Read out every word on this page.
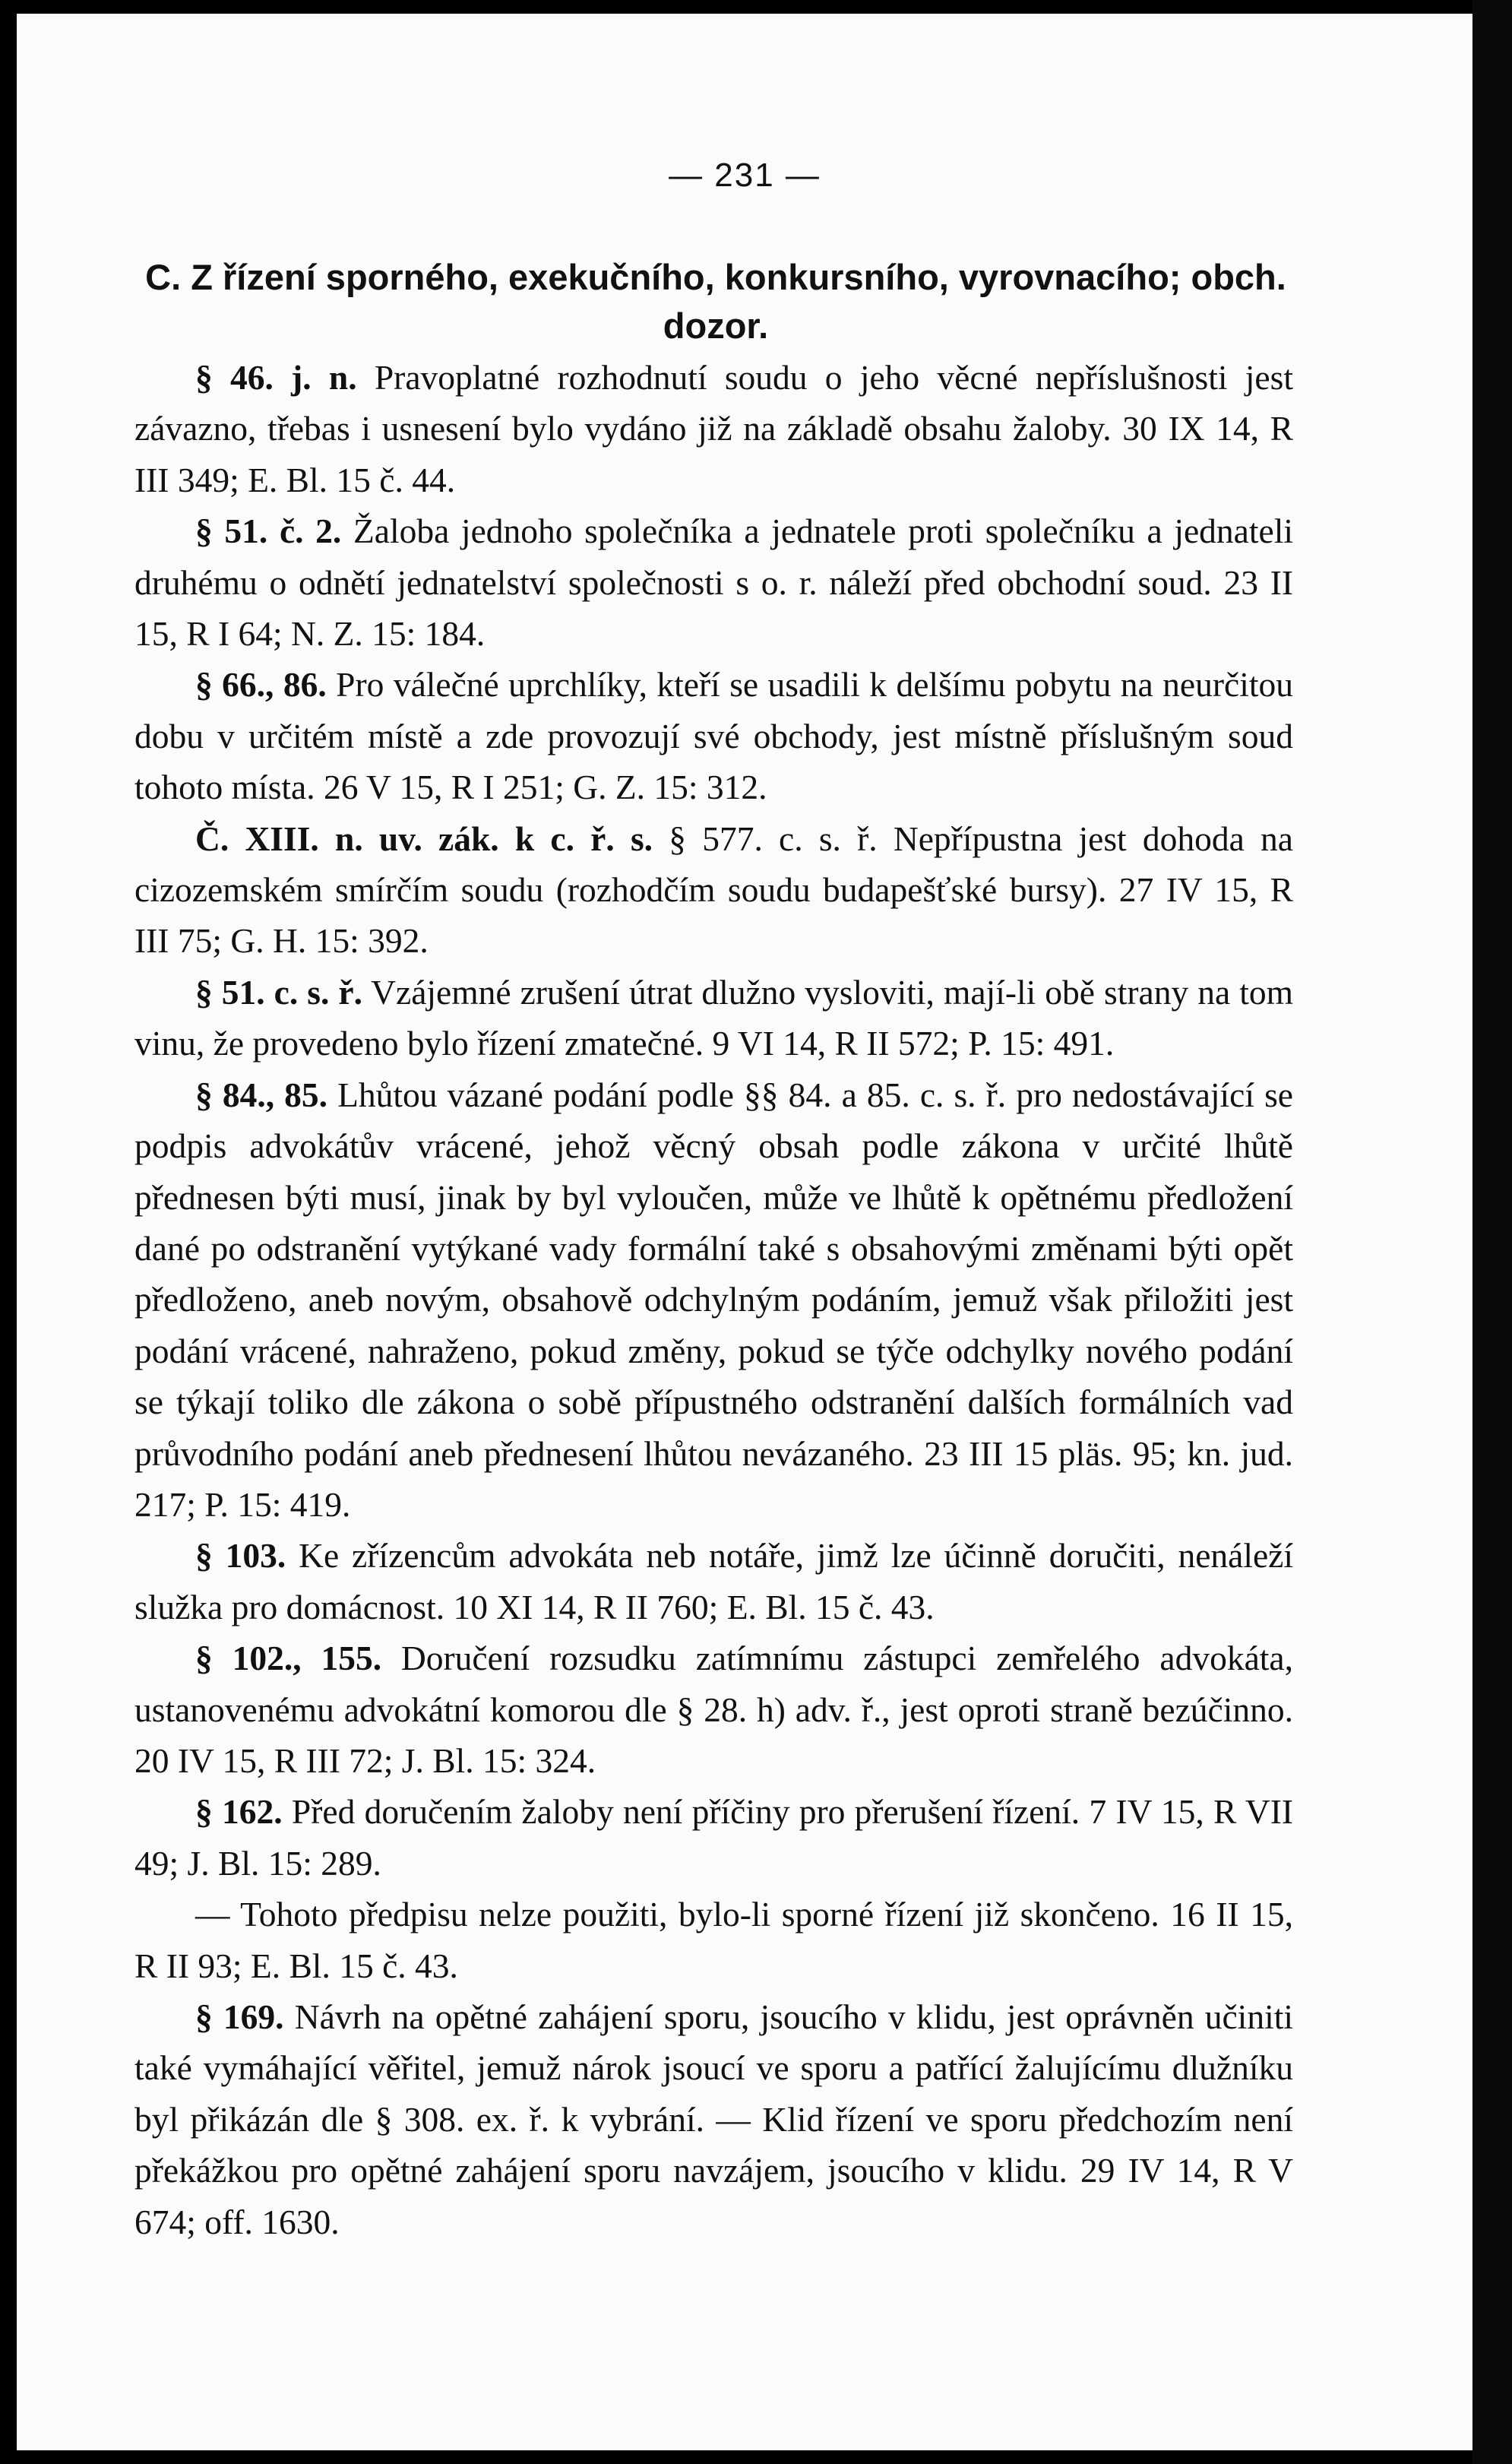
— 231 —
C. Z řízení sporného, exekučního, konkursního, vyrovnacího; obch. dozor.

§ 46. j. n. Pravoplatné rozhodnutí soudu o jeho věcné nepříslušnosti jest závazno, třebas i usnesení bylo vydáno již na základě obsahu žaloby. 30 IX 14, R III 349; E. Bl. 15 č. 44.

§ 51. č. 2. Žaloba jednoho společníka a jednatele proti společníku a jednateli druhému o odnětí jednatelství společnosti s o. r. náleží před obchodní soud. 23 II 15, R I 64; N. Z. 15: 184.

§ 66., 86. Pro válečné uprchlíky, kteří se usadili k delšímu pobytu na neurčitou dobu v určitém místě a zde provozují své obchody, jest místně příslušným soud tohoto místa. 26 V 15, R I 251; G. Z. 15: 312.

Č. XIII. n. uv. zák. k c. ř. s. § 577. c. s. ř. Nepřípustna jest dohoda na cizozemském smírčím soudu (rozhodčím soudu budapešťské bursy). 27 IV 15, R III 75; G. H. 15: 392.

§ 51. c. s. ř. Vzájemné zrušení útrat dlužno vysloviti, mají-li obě strany na tom vinu, že provedeno bylo řízení zmatečné. 9 VI 14, R II 572; P. 15: 491.

§ 84., 85. Lhůtou vázané podání podle §§ 84. a 85. c. s. ř. pro nedostávající se podpis advokátův vrácené, jehož věcný obsah podle zákona v určité lhůtě přednesen býti musí, jinak by byl vyloučen, může ve lhůtě k opětnému předložení dané po odstranění vytýkané vady formální také s obsahovými změnami býti opět předloženo, aneb novým, obsahově odchylným podáním, jemuž však přiložiti jest podání vrácené, nahraženo, pokud změny, pokud se týče odchylky nového podání se týkají toliko dle zákona o sobě přípustného odstranění dalších formálních vad průvodního podání aneb přednesení lhůtou nevázaného. 23 III 15 pläs. 95; kn. jud. 217; P. 15: 419.

§ 103. Ke zřízencům advokáta neb notáře, jimž lze účinně doručiti, nenáleží služka pro domácnost. 10 XI 14, R II 760; E. Bl. 15 č. 43.

§ 102., 155. Doručení rozsudku zatímnímu zástupci zemřelého advokáta, ustanovenému advokátní komorou dle § 28. h) adv. ř., jest oproti straně bezúčinno. 20 IV 15, R III 72; J. Bl. 15: 324.

§ 162. Před doručením žaloby není příčiny pro přerušení řízení. 7 IV 15, R VII 49; J. Bl. 15: 289.

— Tohoto předpisu nelze použiti, bylo-li sporné řízení již skončeno. 16 II 15, R II 93; E. Bl. 15 č. 43.

§ 169. Návrh na opětné zahájení sporu, jsoucího v klidu, jest oprávněn učiniti také vymáhající věřitel, jemuž nárok jsoucí ve sporu a patřící žalujícímu dlužníku byl přikázán dle § 308. ex. ř. k vybrání. — Klid řízení ve sporu předchozím není překážkou pro opětné zahájení sporu navzájem, jsoucího v klidu. 29 IV 14, R V 674; off. 1630.
